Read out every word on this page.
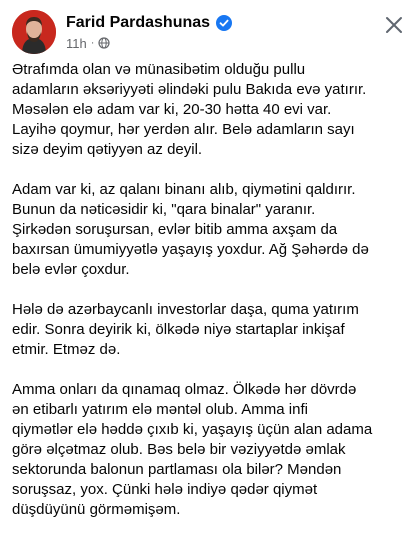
Farid Pardashunas
11h ·

Ətrafımda olan və münasibətim olduğu pullu
adamların əksəriyyəti əlindəki pulu Bakıda evə yatırır.
Məsələn elə adam var ki, 20-30 hətta 40 evi var.
Layihə qoymur, hər yerdən alır. Belə adamların sayı
sizə deyim qətiyyən az deyil.

Adam var ki, az qalanı binanı alıb, qiymətini qaldırır.
Bunun da nəticəsidir ki, "qara binalar" yaranır.
Şirkədən soruşursan, evlər bitib amma axşam da
baxırsan ümumiyyətlə yaşayış yoxdur. Ağ Şəhərdə də
belə evlər çoxdur.

Hələ də azərbaycanlı investorlar daşa, quma yatırım
edir. Sonra deyirik ki, ölkədə niyə startaplar inkişaf
etmir. Etməz də.

Amma onları da qınamaq olmaz. Ölkədə hər dövrdə
ən etibarlı yatırım elə məntəl olub. Amma infi
qiymətlər elə həddə çıxıb ki, yaşayış üçün alan adama
görə əlçətmaz olub. Bəs belə bir vəziyyətdə əmlak
sektorunda balonun partlaması ola bilər? Məndən
soruşsaz, yox. Çünki hələ indiyə qədər qiymət
düşdüyünü görməmişəm.
